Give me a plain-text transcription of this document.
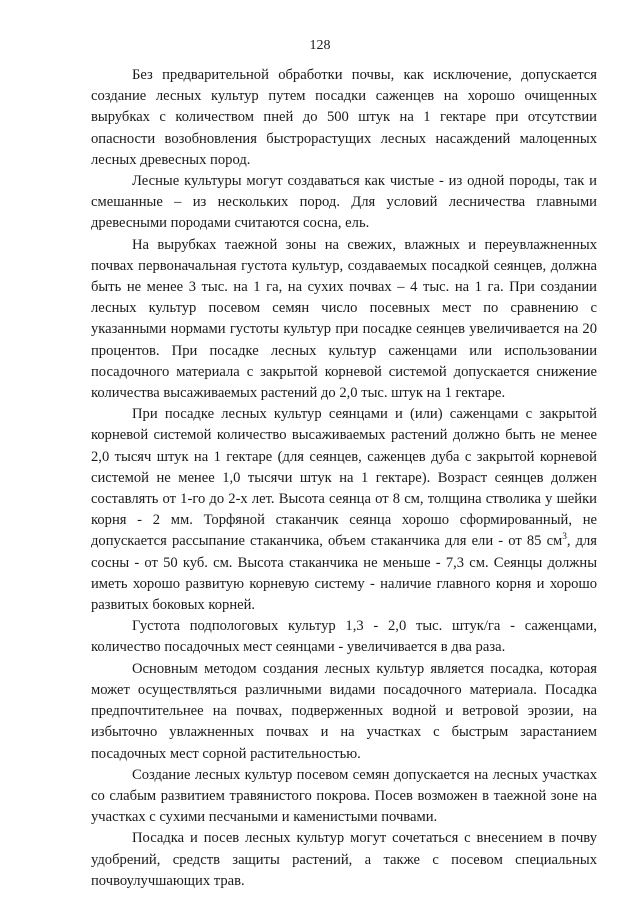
128

Без предварительной обработки почвы, как исключение, допускается создание лесных культур путем посадки саженцев на хорошо очищенных вырубках с количеством пней до 500 штук на 1 гектаре при отсутствии опасности возобновления быстрорастущих лесных насаждений малоценных лесных древесных пород.

Лесные культуры могут создаваться как чистые - из одной породы, так и смешанные – из нескольких пород. Для условий лесничества главными древесными породами считаются сосна, ель.

На вырубках таежной зоны на свежих, влажных и переувлажненных почвах первоначальная густота культур, создаваемых посадкой сеянцев, должна быть не менее 3 тыс. на 1 га, на сухих почвах – 4 тыс. на 1 га. При создании лесных культур посевом семян число посевных мест по сравнению с указанными нормами густоты культур при посадке сеянцев увеличивается на 20 процентов. При посадке лесных культур саженцами или использовании посадочного материала с закрытой корневой системой допускается снижение количества высаживаемых растений до 2,0 тыс. штук на 1 гектаре.

При посадке лесных культур сеянцами и (или) саженцами с закрытой корневой системой количество высаживаемых растений должно быть не менее 2,0 тысяч штук на 1 гектаре (для сеянцев, саженцев дуба с закрытой корневой системой не менее 1,0 тысячи штук на 1 гектаре). Возраст сеянцев должен составлять от 1-го до 2-х лет. Высота сеянца от 8 см, толщина стволика у шейки корня - 2 мм. Торфяной стаканчик сеянца хорошо сформированный, не допускается рассыпание стаканчика, объем стаканчика для ели - от 85 $см^3$, для сосны - от 50 куб. см. Высота стаканчика не меньше - 7,3 см. Сеянцы должны иметь хорошо развитую корневую систему - наличие главного корня и хорошо развитых боковых корней.

Густота подпологовых культур 1,3 - 2,0 тыс. штук/га - саженцами, количество посадочных мест сеянцами - увеличивается в два раза.

Основным методом создания лесных культур является посадка, которая может осуществляться различными видами посадочного материала. Посадка предпочтительнее на почвах, подверженных водной и ветровой эрозии, на избыточно увлажненных почвах и на участках с быстрым зарастанием посадочных мест сорной растительностью.

Создание лесных культур посевом семян допускается на лесных участках со слабым развитием травянистого покрова. Посев возможен в таежной зоне на участках с сухими песчаными и каменистыми почвами.

Посадка и посев лесных культур могут сочетаться с внесением в почву удобрений, средств защиты растений, а также с посевом специальных почвоулучшающих трав.
